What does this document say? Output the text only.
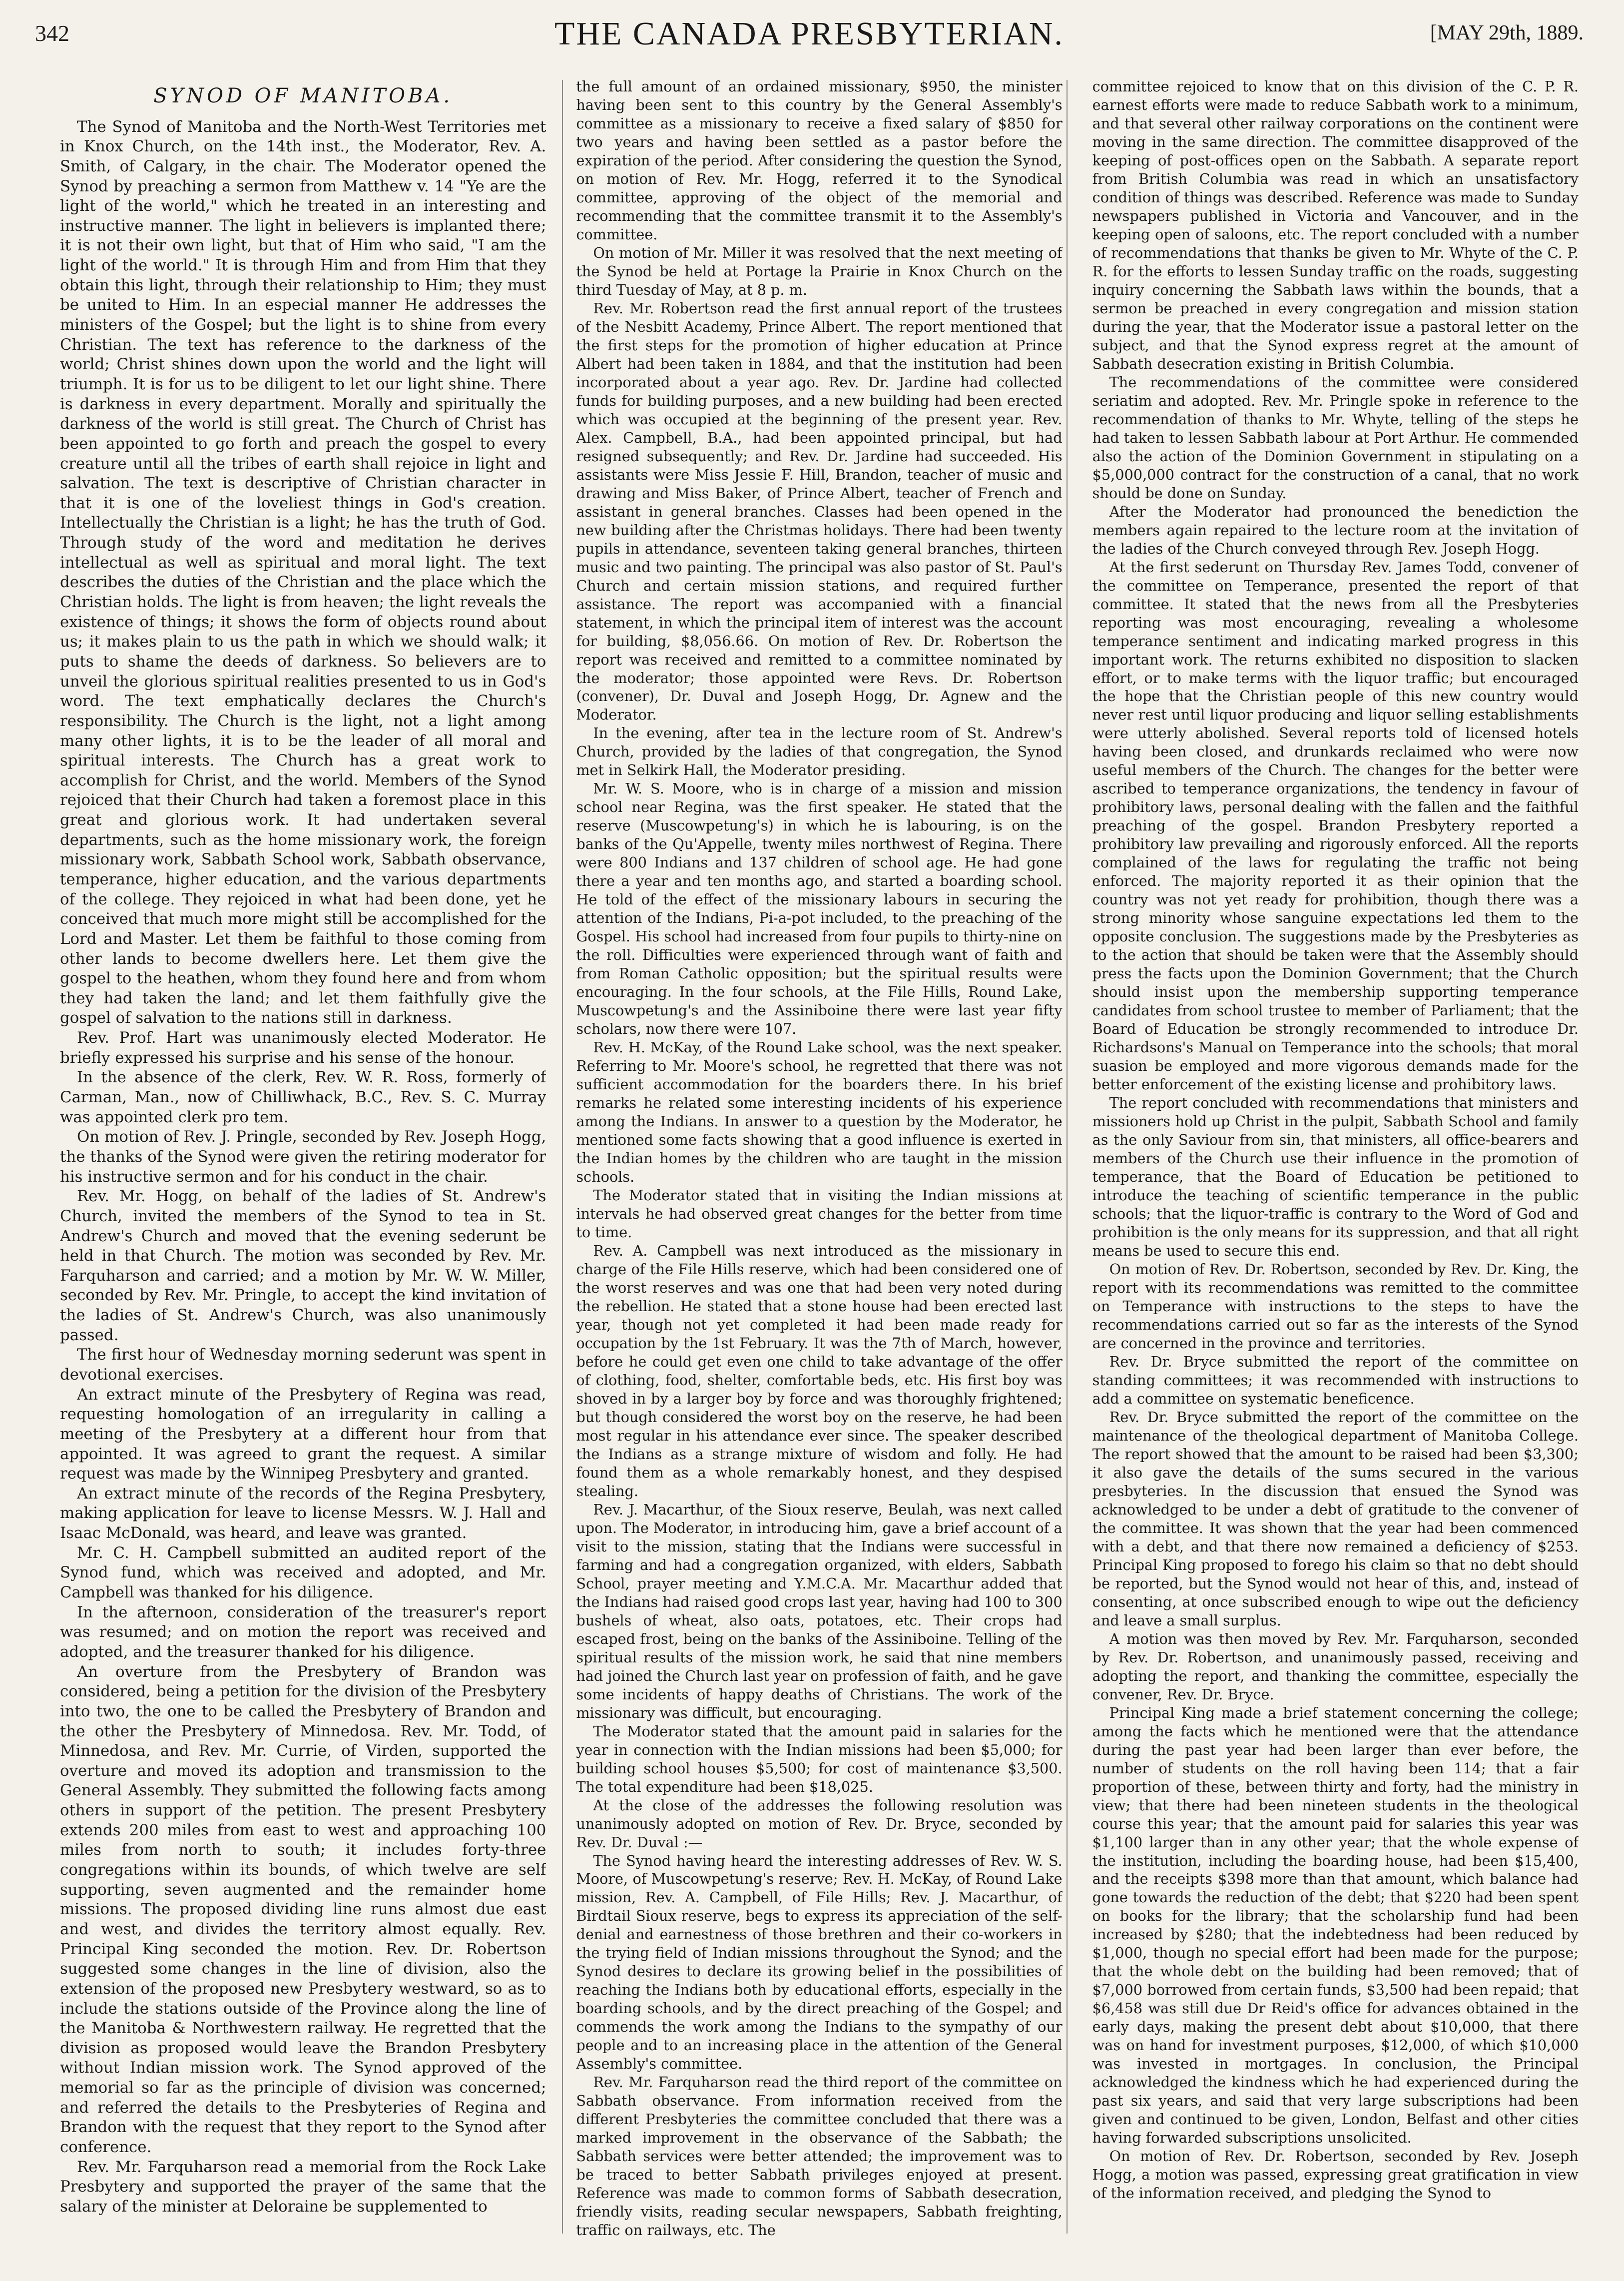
342	THE CANADA PRESBYTERIAN.	[MAY 29th, 1889.
SYNOD OF MANITOBA.

The Synod of Manitoba and the North-West Territories met in Knox Church, on the 14th inst., the Moderator, Rev. A. Smith, of Calgary, in the chair. The Moderator opened the Synod by preaching a sermon from Matthew v. 14 "Ye are the light of the world," which he treated in an interesting and instructive manner. The light in believers is implanted there; it is not their own light, but that of Him who said, "I am the light of the world." It is through Him and from Him that they obtain this light, through their relationship to Him; they must be united to Him. In an especial manner He addresses the ministers of the Gospel; but the light is to shine from every Christian. The text has reference to the darkness of the world; Christ shines down upon the world and the light will triumph. It is for us to be diligent to let our light shine. There is darkness in every department. Morally and spiritually the darkness of the world is still great. The Church of Christ has been appointed to go forth and preach the gospel to every creature until all the tribes of earth shall rejoice in light and salvation. The text is descriptive of Christian character in that it is one of the loveliest things in God's creation. Intellectually the Christian is a light; he has the truth of God. Through study of the word and meditation he derives intellectual as well as spiritual and moral light. The text describes the duties of the Christian and the place which the Christian holds. The light is from heaven; the light reveals the existence of things; it shows the form of objects round about us; it makes plain to us the path in which we should walk; it puts to shame the deeds of darkness. So believers are to unveil the glorious spiritual realities presented to us in God's word. The text emphatically declares the Church's responsibility. The Church is the light, not a light among many other lights, it is to be the leader of all moral and spiritual interests. The Church has a great work to accomplish for Christ, and the world. Members of the Synod rejoiced that their Church had taken a foremost place in this great and glorious work. It had undertaken several departments, such as the home missionary work, the foreign missionary work, Sabbath School work, Sabbath observance, temperance, higher education, and the various departments of the college. They rejoiced in what had been done, yet he conceived that much more might still be accomplished for the Lord and Master. Let them be faithful to those coming from other lands to become dwellers here. Let them give the gospel to the heathen, whom they found here and from whom they had taken the land; and let them faithfully give the gospel of salvation to the nations still in darkness.

Rev. Prof. Hart was unanimously elected Moderator. He briefly expressed his surprise and his sense of the honour.

In the absence of the clerk, Rev. W. R. Ross, formerly of Carman, Man., now of Chilliwhack, B.C., Rev. S. C. Murray was appointed clerk pro tem.

On motion of Rev. J. Pringle, seconded by Rev. Joseph Hogg, the thanks of the Synod were given the retiring moderator for his instructive sermon and for his conduct in the chair.

Rev. Mr. Hogg, on behalf of the ladies of St. Andrew's Church, invited the members of the Synod to tea in St. Andrew's Church and moved that the evening sederunt be held in that Church. The motion was seconded by Rev. Mr. Farquharson and carried; and a motion by Mr. W. W. Miller, seconded by Rev. Mr. Pringle, to accept the kind invitation of the ladies of St. Andrew's Church, was also unanimously passed.

The first hour of Wednesday morning sederunt was spent in devotional exercises.

An extract minute of the Presbytery of Regina was read, requesting homologation of an irregularity in calling a meeting of the Presbytery at a different hour from that appointed. It was agreed to grant the request. A similar request was made by the Winnipeg Presbytery and granted.

An extract minute of the records of the Regina Presbytery, making application for leave to license Messrs. W. J. Hall and Isaac McDonald, was heard, and leave was granted.

Mr. C. H. Campbell submitted an audited report of the Synod fund, which was received and adopted, and Mr. Campbell was thanked for his diligence.

In the afternoon, consideration of the treasurer's report was resumed; and on motion the report was received and adopted, and the treasurer thanked for his diligence.

An overture from the Presbytery of Brandon was considered, being a petition for the division of the Presbytery into two, the one to be called the Presbytery of Brandon and the other the Presbytery of Minnedosa. Rev. Mr. Todd, of Minnedosa, and Rev. Mr. Currie, of Virden, supported the overture and moved its adoption and transmission to the General Assembly. They submitted the following facts among others in support of the petition. The present Presbytery extends 200 miles from east to west and approaching 100 miles from north to south; it includes forty-three congregations within its bounds, of which twelve are self supporting, seven augmented and the remainder home missions. The proposed dividing line runs almost due east and west, and divides the territory almost equally. Rev. Principal King seconded the motion. Rev. Dr. Robertson suggested some changes in the line of division, also the extension of the proposed new Presbytery westward, so as to include the stations outside of the Province along the line of the Manitoba & Northwestern railway. He regretted that the division as proposed would leave the Brandon Presbytery without Indian mission work. The Synod approved of the memorial so far as the principle of division was concerned; and referred the details to the Presbyteries of Regina and Brandon with the request that they report to the Synod after conference.

Rev. Mr. Farquharson read a memorial from the Rock Lake Presbytery and supported the prayer of the same that the salary of the minister at Deloraine be supplemented to

the full amount of an ordained missionary, $950, the minister having been sent to this country by the General Assembly's committee as a missionary to receive a fixed salary of $850 for two years and having been settled as a pastor before the expiration of the period. After considering the question the Synod, on motion of Rev. Mr. Hogg, referred it to the Synodical committee, approving of the object of the memorial and recommending that the committee transmit it to the Assembly's committee.

On motion of Mr. Miller it was resolved that the next meeting of the Synod be held at Portage la Prairie in Knox Church on the third Tuesday of May, at 8 p. m.

Rev. Mr. Robertson read the first annual report of the trustees of the Nesbitt Academy, Prince Albert. The report mentioned that the first steps for the promotion of higher education at Prince Albert had been taken in 1884, and that the institution had been incorporated about a year ago. Rev. Dr. Jardine had collected funds for building purposes, and a new building had been erected which was occupied at the beginning of the present year. Rev. Alex. Campbell, B.A., had been appointed principal, but had resigned subsequently; and Rev. Dr. Jardine had succeeded. His assistants were Miss Jessie F. Hill, Brandon, teacher of music and drawing and Miss Baker, of Prince Albert, teacher of French and assistant in general branches. Classes had been opened in the new building after the Christmas holidays. There had been twenty pupils in attendance, seventeen taking general branches, thirteen music and two painting. The principal was also pastor of St. Paul's Church and certain mission stations, and required further assistance. The report was accompanied with a financial statement, in which the principal item of interest was the account for building, $8,056.66. On motion of Rev. Dr. Robertson the report was received and remitted to a committee nominated by the moderator; those appointed were Revs. Dr. Robertson (convener), Dr. Duval and Joseph Hogg, Dr. Agnew and the Moderator.

In the evening, after tea in the lecture room of St. Andrew's Church, provided by the ladies of that congregation, the Synod met in Selkirk Hall, the Moderator presiding.

Mr. W. S. Moore, who is in charge of a mission and mission school near Regina, was the first speaker. He stated that the reserve (Muscowpetung's) in which he is labouring, is on the banks of the Qu'Appelle, twenty miles northwest of Regina. There were 800 Indians and 137 children of school age. He had gone there a year and ten months ago, and started a boarding school. He told of the effect of the missionary labours in securing the attention of the Indians, Pi-a-pot included, to the preaching of the Gospel. His school had increased from four pupils to thirty-nine on the roll. Difficulties were experienced through want of faith and from Roman Catholic opposition; but the spiritual results were encouraging. In the four schools, at the File Hills, Round Lake, Muscowpetung's and the Assiniboine there were last year fifty scholars, now there were 107.

Rev. H. McKay, of the Round Lake school, was the next speaker. Referring to Mr. Moore's school, he regretted that there was not sufficient accommodation for the boarders there. In his brief remarks he related some interesting incidents of his experience among the Indians. In answer to a question by the Moderator, he mentioned some facts showing that a good influence is exerted in the Indian homes by the children who are taught in the mission schools.

The Moderator stated that in visiting the Indian missions at intervals he had observed great changes for the better from time to time.

Rev. A. Campbell was next introduced as the missionary in charge of the File Hills reserve, which had been considered one of the worst reserves and was one that had been very noted during the rebellion. He stated that a stone house had been erected last year, though not yet completed it had been made ready for occupation by the 1st February. It was the 7th of March, however, before he could get even one child to take advantage of the offer of clothing, food, shelter, comfortable beds, etc. His first boy was shoved in by a larger boy by force and was thoroughly frightened; but though considered the worst boy on the reserve, he had been most regular in his attendance ever since. The speaker described the Indians as a strange mixture of wisdom and folly. He had found them as a whole remarkably honest, and they despised stealing.

Rev. J. Macarthur, of the Sioux reserve, Beulah, was next called upon. The Moderator, in introducing him, gave a brief account of a visit to the mission, stating that the Indians were successful in farming and had a congregation organized, with elders, Sabbath School, prayer meeting and Y.M.C.A. Mr. Macarthur added that the Indians had raised good crops last year, having had 100 to 300 bushels of wheat, also oats, potatoes, etc. Their crops had escaped frost, being on the banks of the Assiniboine. Telling of the spiritual results of the mission work, he said that nine members had joined the Church last year on profession of faith, and he gave some incidents of happy deaths of Christians. The work of the missionary was difficult, but encouraging.

The Moderator stated that the amount paid in salaries for the year in connection with the Indian missions had been $5,000; for building school houses $5,500; for cost of maintenance $3,500. The total expenditure had been $18,025.

At the close of the addresses the following resolution was unanimously adopted on motion of Rev. Dr. Bryce, seconded by Rev. Dr. Duval :—

The Synod having heard the interesting addresses of Rev. W. S. Moore, of Muscowpetung's reserve; Rev. H. McKay, of Round Lake mission, Rev. A. Campbell, of File Hills; Rev. J. Macarthur, of Birdtail Sioux reserve, begs to express its appreciation of the self-denial and earnestness of those brethren and their co-workers in the trying field of Indian missions throughout the Synod; and the Synod desires to declare its growing belief in the possibilities of reaching the Indians both by educational efforts, especially in the boarding schools, and by the direct preaching of the Gospel; and commends the work among the Indians to the sympathy of our people and to an increasing place in the attention of the General Assembly's committee.

Rev. Mr. Farquharson read the third report of the committee on Sabbath observance. From information received from the different Presbyteries the committee concluded that there was a marked improvement in the observance of the Sabbath; the Sabbath services were better attended; the improvement was to be traced to better Sabbath privileges enjoyed at present. Reference was made to common forms of Sabbath desecration, friendly visits, reading secular newspapers, Sabbath freighting, traffic on railways, etc. The

committee rejoiced to know that on this division of the C. P. R. earnest efforts were made to reduce Sabbath work to a minimum, and that several other railway corporations on the continent were moving in the same direction. The committee disapproved of the keeping of post-offices open on the Sabbath. A separate report from British Columbia was read in which an unsatisfactory condition of things was described. Reference was made to Sunday newspapers published in Victoria and Vancouver, and in the keeping open of saloons, etc. The report concluded with a number of recommendations that thanks be given to Mr. Whyte of the C. P. R. for the efforts to lessen Sunday traffic on the roads, suggesting inquiry concerning the Sabbath laws within the bounds, that a sermon be preached in every congregation and mission station during the year, that the Moderator issue a pastoral letter on the subject, and that the Synod express regret at the amount of Sabbath desecration existing in British Columbia.

The recommendations of the committee were considered seriatim and adopted. Rev. Mr. Pringle spoke in reference to the recommendation of thanks to Mr. Whyte, telling of the steps he had taken to lessen Sabbath labour at Port Arthur. He commended also the action of the Dominion Government in stipulating on a $5,000,000 contract for the construction of a canal, that no work should be done on Sunday.

After the Moderator had pronounced the benediction the members again repaired to the lecture room at the invitation of the ladies of the Church conveyed through Rev. Joseph Hogg.

At the first sederunt on Thursday Rev. James Todd, convener of the committee on Temperance, presented the report of that committee. It stated that the news from all the Presbyteries reporting was most encouraging, revealing a wholesome temperance sentiment and indicating marked progress in this important work. The returns exhibited no disposition to slacken effort, or to make terms with the liquor traffic; but encouraged the hope that the Christian people of this new country would never rest until liquor producing and liquor selling establishments were utterly abolished. Several reports told of licensed hotels having been closed, and drunkards reclaimed who were now useful members of the Church. The changes for the better were ascribed to temperance organizations, the tendency in favour of prohibitory laws, personal dealing with the fallen and the faithful preaching of the gospel. Brandon Presbytery reported a prohibitory law prevailing and rigorously enforced. All the reports complained of the laws for regulating the traffic not being enforced. The majority reported it as their opinion that the country was not yet ready for prohibition, though there was a strong minority whose sanguine expectations led them to the opposite conclusion. The suggestions made by the Presbyteries as to the action that should be taken were that the Assembly should press the facts upon the Dominion Government; that the Church should insist upon the membership supporting temperance candidates from school trustee to member of Parliament; that the Board of Education be strongly recommended to introduce Dr. Richardsons's Manual on Temperance into the schools; that moral suasion be employed and more vigorous demands made for the better enforcement of the existing license and prohibitory laws.

The report concluded with recommendations that ministers and missioners hold up Christ in the pulpit, Sabbath School and family as the only Saviour from sin, that ministers, all office-bearers and members of the Church use their influence in the promotion of temperance, that the Board of Education be petitioned to introduce the teaching of scientific temperance in the public schools; that the liquor-traffic is contrary to the Word of God and prohibition is the only means for its suppression, and that all right means be used to secure this end.

On motion of Rev. Dr. Robertson, seconded by Rev. Dr. King, the report with its recommendations was remitted to the committee on Temperance with instructions to the steps to have the recommendations carried out so far as the interests of the Synod are concerned in the province and territories.

Rev. Dr. Bryce submitted the report of the committee on standing committees; it was recommended with instructions to add a committee on systematic beneficence.

Rev. Dr. Bryce submitted the report of the committee on the maintenance of the theological department of Manitoba College. The report showed that the amount to be raised had been $3,300; it also gave the details of the sums secured in the various presbyteries. In the discussion that ensued the Synod was acknowledged to be under a debt of gratitude to the convener of the committee. It was shown that the year had been commenced with a debt, and that there now remained a deficiency of $253. Principal King proposed to forego his claim so that no debt should be reported, but the Synod would not hear of this, and, instead of consenting, at once subscribed enough to wipe out the deficiency and leave a small surplus.

A motion was then moved by Rev. Mr. Farquharson, seconded by Rev. Dr. Robertson, and unanimously passed, receiving and adopting the report, and thanking the committee, especially the convener, Rev. Dr. Bryce.

Principal King made a brief statement concerning the college; among the facts which he mentioned were that the attendance during the past year had been larger than ever before, the number of students on the roll having been 114; that a fair proportion of these, between thirty and forty, had the ministry in view; that there had been nineteen students in the theological course this year; that the amount paid for salaries this year was $1,100 larger than in any other year; that the whole expense of the institution, including the boarding house, had been $15,400, and the receipts $398 more than that amount, which balance had gone towards the reduction of the debt; that $220 had been spent on books for the library; that the scholarship fund had been increased by $280; that the indebtedness had been reduced by $1,000, though no special effort had been made for the purpose; that the whole debt on the building had been removed; that of $7,000 borrowed from certain funds, $3,500 had been repaid; that $6,458 was still due Dr Reid's office for advances obtained in the early days, making the present debt about $10,000, that there was on hand for investment purposes, $12,000, of which $10,000 was invested in mortgages. In conclusion, the Principal acknowledged the kindness which he had experienced during the past six years, and said that very large subscriptions had been given and continued to be given, London, Belfast and other cities having forwarded subscriptions unsolicited.

On motion of Rev. Dr. Robertson, seconded by Rev. Joseph Hogg, a motion was passed, expressing great gratification in view of the information received, and pledging the Synod to
